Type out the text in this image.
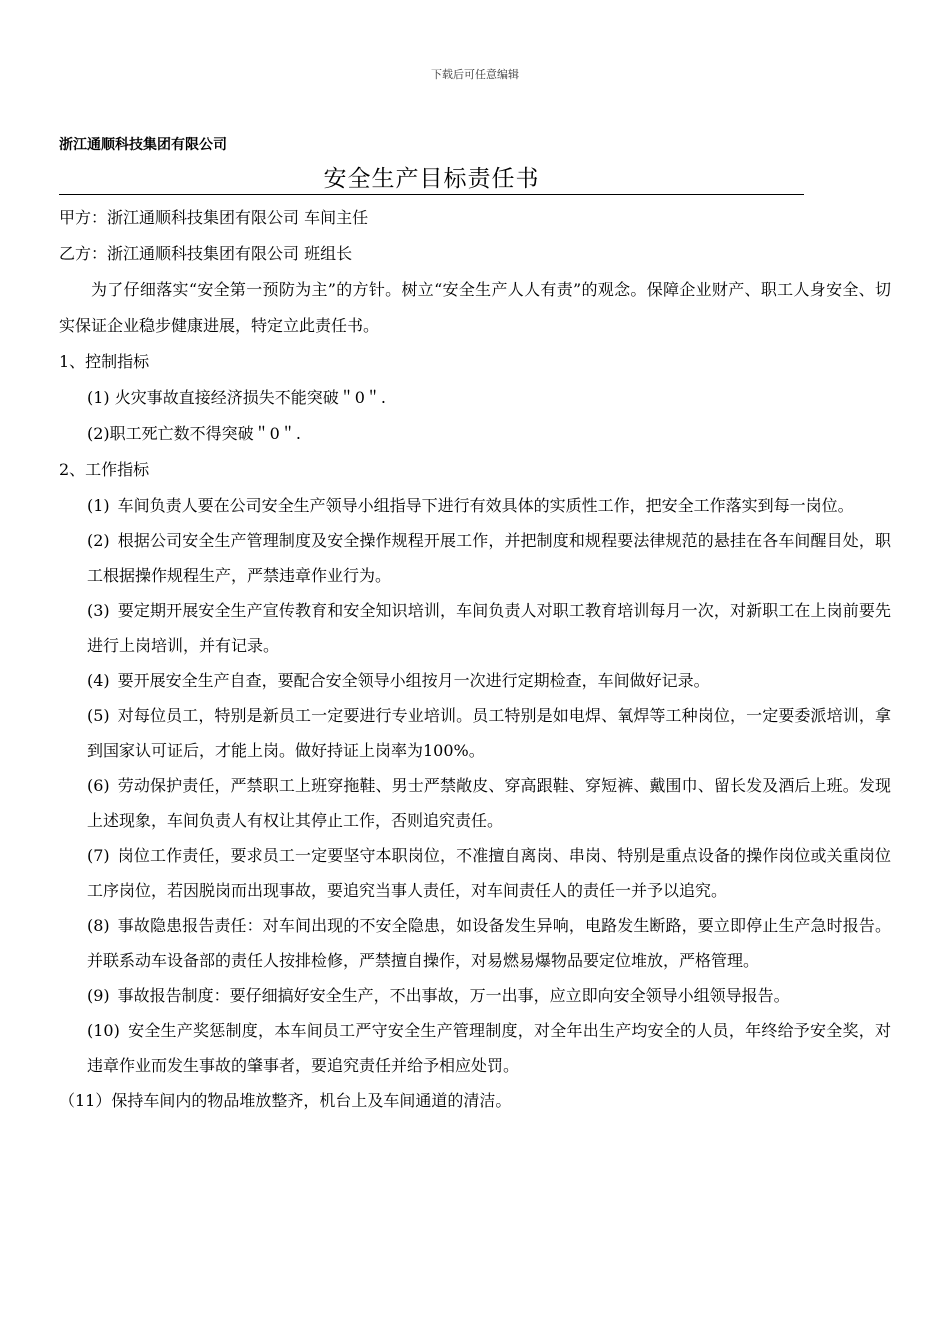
下载后可任意编辑
浙江通顺科技集团有限公司
安全生产目标责任书
甲方：浙江通顺科技集团有限公司 车间主任
乙方：浙江通顺科技集团有限公司 班组长
为了仔细落实“安全第一预防为主”的方针。树立“安全生产人人有责”的观念。保障企业财产、职工人身安全、切实保证企业稳步健康进展，特定立此责任书。
1、控制指标
(1) 火灾事故直接经济损失不能突破＂0＂.
(2)职工死亡数不得突破＂0＂.
2、工作指标
(1) 车间负责人要在公司安全生产领导小组指导下进行有效具体的实质性工作，把安全工作落实到每一岗位。
(2) 根据公司安全生产管理制度及安全操作规程开展工作，并把制度和规程要法律规范的悬挂在各车间醒目处，职工根据操作规程生产，严禁违章作业行为。
(3) 要定期开展安全生产宣传教育和安全知识培训，车间负责人对职工教育培训每月一次，对新职工在上岗前要先进行上岗培训，并有记录。
(4) 要开展安全生产自查，要配合安全领导小组按月一次进行定期检查，车间做好记录。
(5) 对每位员工，特别是新员工一定要进行专业培训。员工特别是如电焊、氧焊等工种岗位，一定要委派培训，拿到国家认可证后，才能上岗。做好持证上岗率为100%。
(6) 劳动保护责任，严禁职工上班穿拖鞋、男士严禁敞皮、穿高跟鞋、穿短裤、戴围巾、留长发及酒后上班。发现上述现象，车间负责人有权让其停止工作，否则追究责任。
(7) 岗位工作责任，要求员工一定要坚守本职岗位，不准擅自离岗、串岗、特别是重点设备的操作岗位或关重岗位工序岗位，若因脱岗而出现事故，要追究当事人责任，对车间责任人的责任一并予以追究。
(8) 事故隐患报告责任：对车间出现的不安全隐患，如设备发生异响，电路发生断路，要立即停止生产急时报告。并联系动车设备部的责任人按排检修，严禁擅自操作，对易燃易爆物品要定位堆放，严格管理。
(9) 事故报告制度：要仔细搞好安全生产，不出事故，万一出事，应立即向安全领导小组领导报告。
(10) 安全生产奖惩制度，本车间员工严守安全生产管理制度，对全年出生产均安全的人员，年终给予安全奖，对违章作业而发生事故的肇事者，要追究责任并给予相应处罚。
（11）保持车间内的物品堆放整齐，机台上及车间通道的清洁。
